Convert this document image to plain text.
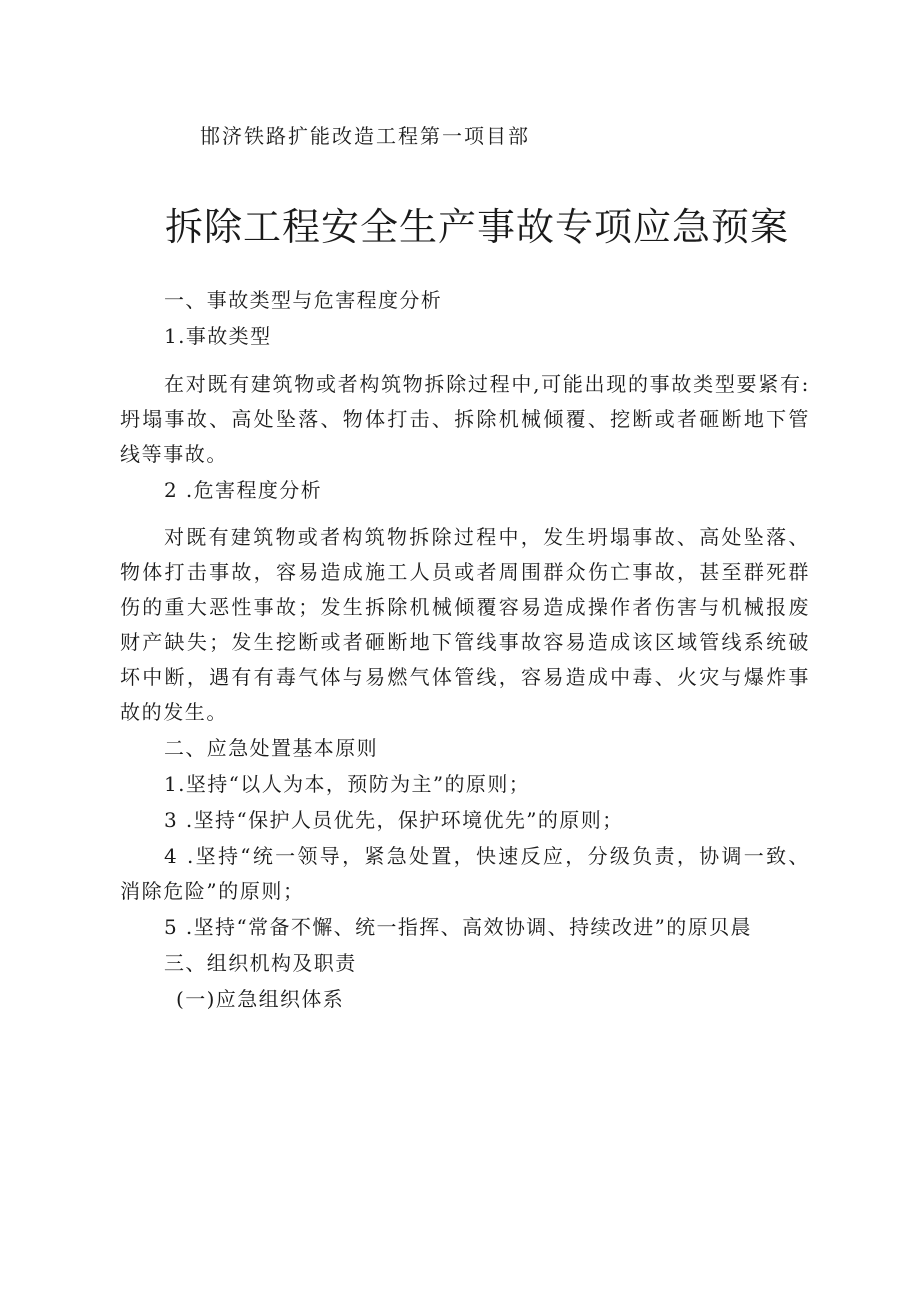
邯济铁路扩能改造工程第一项目部
拆除工程安全生产事故专项应急预案

一、事故类型与危害程度分析

1.事故类型

在对既有建筑物或者构筑物拆除过程中,可能出现的事故类型要紧有:坍塌事故、高处坠落、物体打击、拆除机械倾覆、挖断或者砸断地下管线等事故。

2 .危害程度分析

对既有建筑物或者构筑物拆除过程中，发生坍塌事故、高处坠落、物体打击事故，容易造成施工人员或者周围群众伤亡事故，甚至群死群伤的重大恶性事故；发生拆除机械倾覆容易造成操作者伤害与机械报废财产缺失；发生挖断或者砸断地下管线事故容易造成该区域管线系统破坏中断，遇有有毒气体与易燃气体管线，容易造成中毒、火灾与爆炸事故的发生。

二、应急处置基本原则

1.坚持“以人为本，预防为主”的原则；

3 .坚持“保护人员优先，保护环境优先”的原则；

4 .坚持“统一领导，紧急处置，快速反应，分级负责，协调一致、消除危险”的原则；

5 .坚持“常备不懈、统一指挥、高效协调、持续改进”的原贝晨

三、组织机构及职责

(一)应急组织体系
